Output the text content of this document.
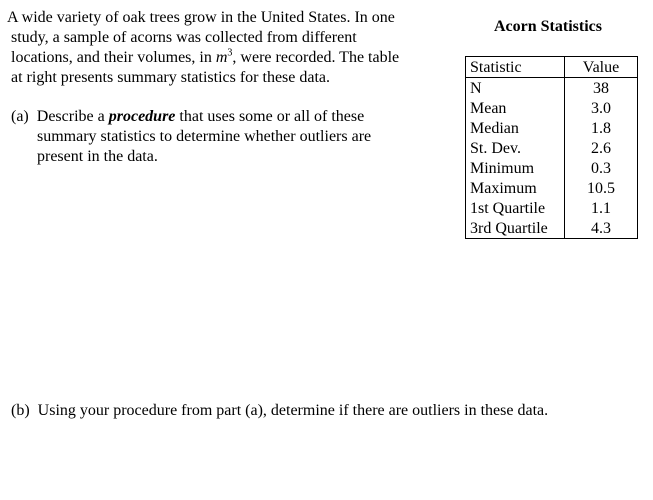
A wide variety of oak trees grow in the United States. In one
study, a sample of acorns was collected from different
locations, and their volumes, in $m^3$, were recorded. The table
at right presents summary statistics for these data.
(a) Describe a procedure that uses some or all of these
summary statistics to determine whether outliers are
present in the data.
Acorn Statistics
Statistic	Value
N	38
Mean	3.0
Median	1.8
St. Dev.	2.6
Minimum	0.3
Maximum	10.5
1st Quartile	1.1
3rd Quartile	4.3
(b) Using your procedure from part (a), determine if there are outliers in these data.
